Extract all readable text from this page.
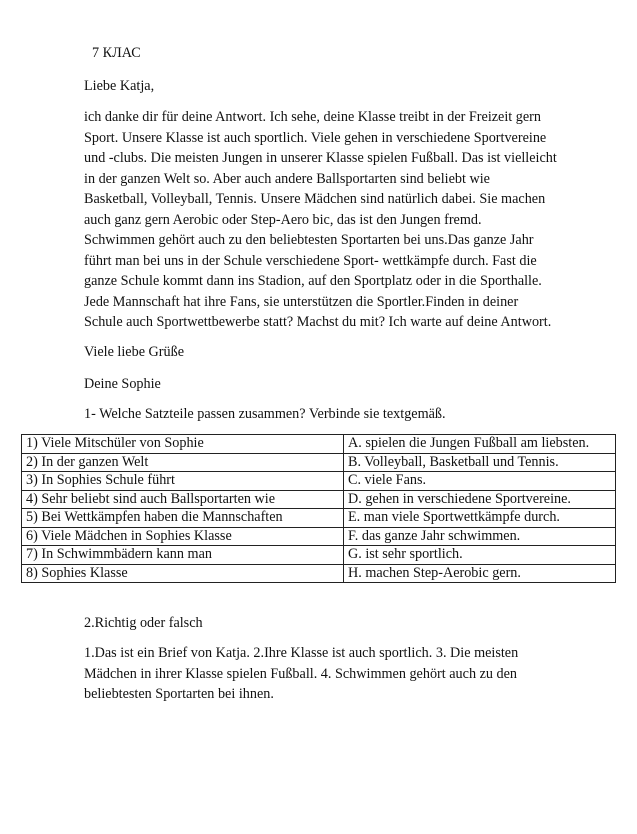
7 КЛАС

Liebe Katja,

ich danke dir für deine Antwort. Ich sehe, deine Klasse treibt in der Freizeit gern
Sport. Unsere Klasse ist auch sportlich. Viele gehen in verschiedene Sportvereine
und -clubs. Die meisten Jungen in unserer Klasse spielen Fußball. Das ist vielleicht
in der ganzen Welt so. Aber auch andere Ballsportarten sind beliebt wie
Basketball, Volleyball, Tennis. Unsere Mädchen sind natürlich dabei. Sie machen
auch ganz gern Aerobic oder Step-Aero bic, das ist den Jungen fremd.
Schwimmen gehört auch zu den beliebtesten Sportarten bei uns.Das ganze Jahr
führt man bei uns in der Schule verschiedene Sport- wettkämpfe durch. Fast die
ganze Schule kommt dann ins Stadion, auf den Sportplatz oder in die Sporthalle.
Jede Mannschaft hat ihre Fans, sie unterstützen die Sportler.Finden in deiner
Schule auch Sportwettbewerbe statt? Machst du mit? Ich warte auf deine Antwort.

Viele liebe Grüße

Deine Sophie

1- Welche Satzteile passen zusammen? Verbinde sie textgemäß.

1) Viele Mitschüler von Sophie	A. spielen die Jungen Fußball am liebsten.
2) In der ganzen Welt	B. Volleyball, Basketball und Tennis.
3) In Sophies Schule führt	C. viele Fans.
4) Sehr beliebt sind auch Ballsportarten wie	D. gehen in verschiedene Sportvereine.
5) Bei Wettkämpfen haben die Mannschaften	E. man viele Sportwettkämpfe durch.
6) Viele Mädchen in Sophies Klasse	F. das ganze Jahr schwimmen.
7) In Schwimmbädern kann man	G. ist sehr sportlich.
8) Sophies Klasse	H. machen Step-Aerobic gern.

2.Richtig oder falsch

1.Das ist ein Brief von Katja. 2.Ihre Klasse ist auch sportlich. 3. Die meisten
Mädchen in ihrer Klasse spielen Fußball. 4. Schwimmen gehört auch zu den
beliebtesten Sportarten bei ihnen.
